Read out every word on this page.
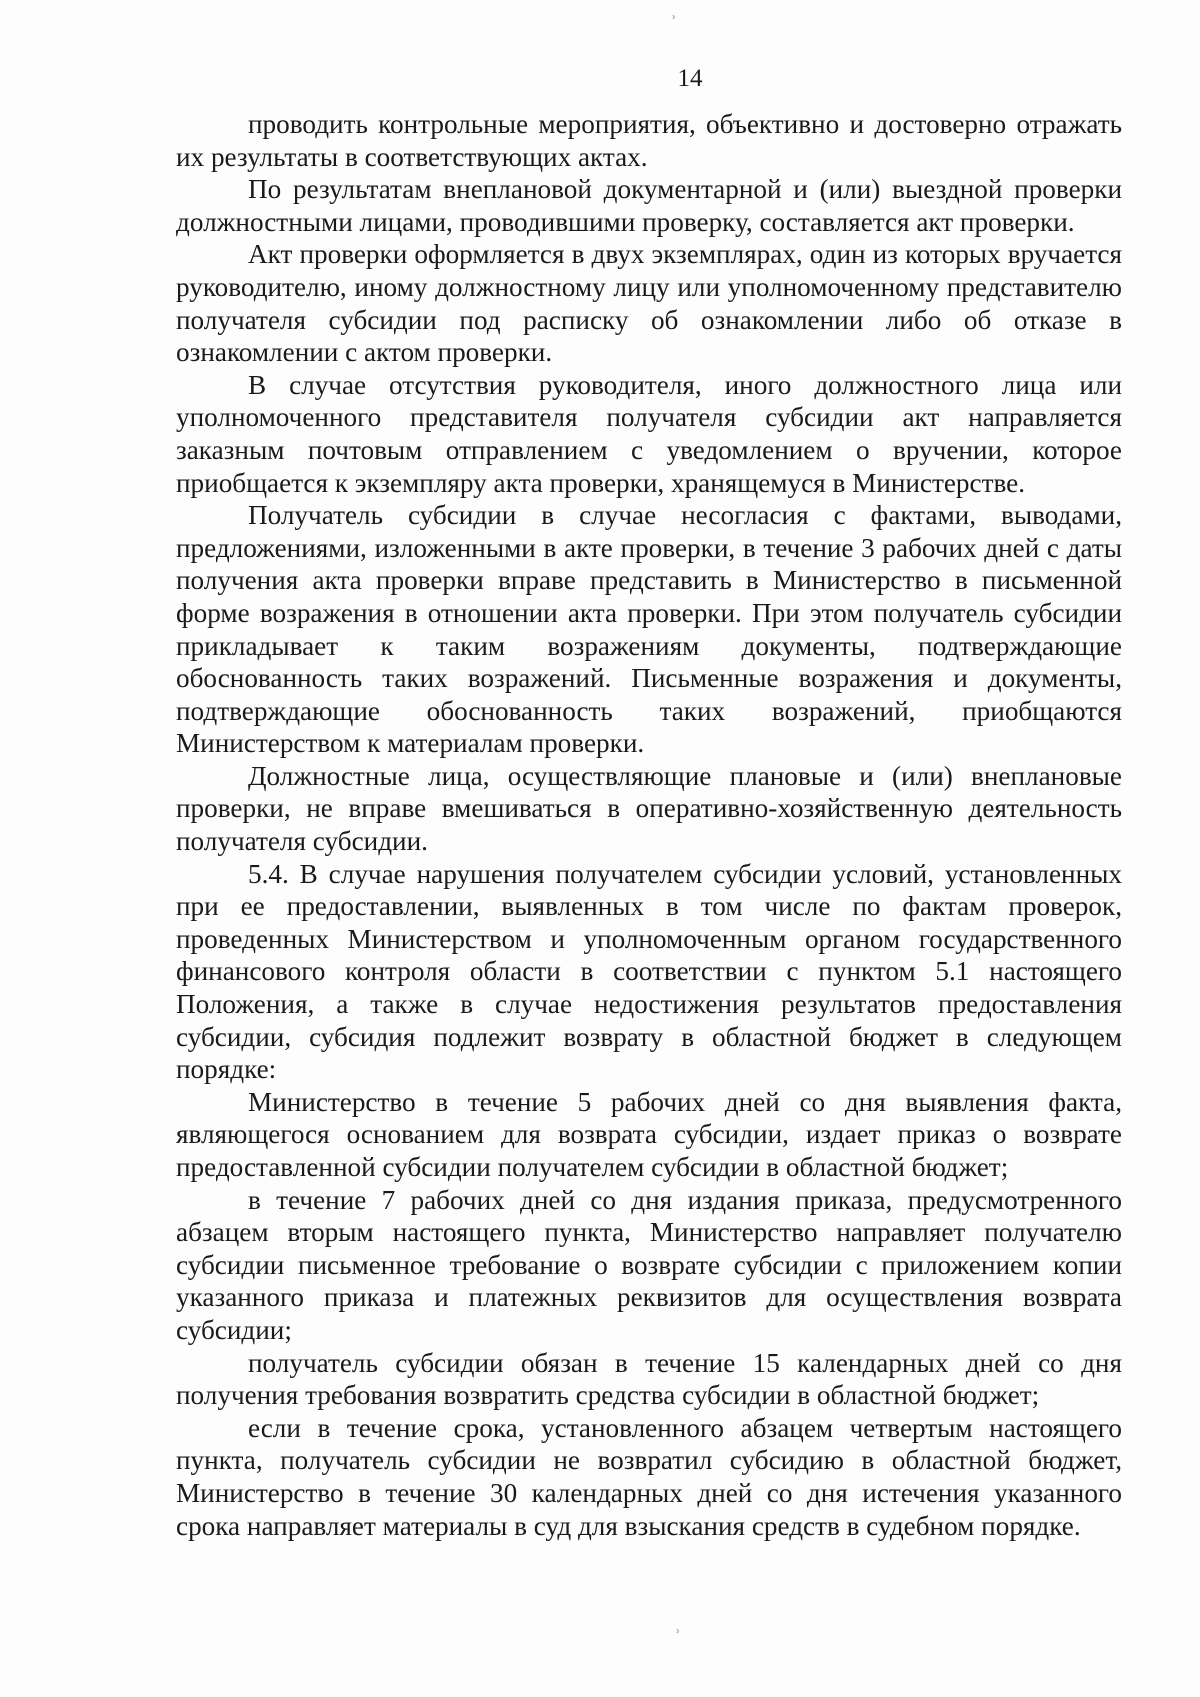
14

проводить контрольные мероприятия, объективно и достоверно отражать их результаты в соответствующих актах.

По результатам внеплановой документарной и (или) выездной проверки должностными лицами, проводившими проверку, составляется акт проверки.

Акт проверки оформляется в двух экземплярах, один из которых вручается руководителю, иному должностному лицу или уполномоченному представителю получателя субсидии под расписку об ознакомлении либо об отказе в ознакомлении с актом проверки.

В случае отсутствия руководителя, иного должностного лица или уполномоченного представителя получателя субсидии акт направляется заказным почтовым отправлением с уведомлением о вручении, которое приобщается к экземпляру акта проверки, хранящемуся в Министерстве.

Получатель субсидии в случае несогласия с фактами, выводами, предложениями, изложенными в акте проверки, в течение 3 рабочих дней с даты получения акта проверки вправе представить в Министерство в письменной форме возражения в отношении акта проверки. При этом получатель субсидии прикладывает к таким возражениям документы, подтверждающие обоснованность таких возражений. Письменные возражения и документы, подтверждающие обоснованность таких возражений, приобщаются Министерством к материалам проверки.

Должностные лица, осуществляющие плановые и (или) внеплановые проверки, не вправе вмешиваться в оперативно-хозяйственную деятельность получателя субсидии.

5.4. В случае нарушения получателем субсидии условий, установленных при ее предоставлении, выявленных в том числе по фактам проверок, проведенных Министерством и уполномоченным органом государственного финансового контроля области в соответствии с пунктом 5.1 настоящего Положения, а также в случае недостижения результатов предоставления субсидии, субсидия подлежит возврату в областной бюджет в следующем порядке:

Министерство в течение 5 рабочих дней со дня выявления факта, являющегося основанием для возврата субсидии, издает приказ о возврате предоставленной субсидии получателем субсидии в областной бюджет;

в течение 7 рабочих дней со дня издания приказа, предусмотренного абзацем вторым настоящего пункта, Министерство направляет получателю субсидии письменное требование о возврате субсидии с приложением копии указанного приказа и платежных реквизитов для осуществления возврата субсидии;

получатель субсидии обязан в течение 15 календарных дней со дня получения требования возвратить средства субсидии в областной бюджет;

если в течение срока, установленного абзацем четвертым настоящего пункта, получатель субсидии не возвратил субсидию в областной бюджет, Министерство в течение 30 календарных дней со дня истечения указанного срока направляет материалы в суд для взыскания средств в судебном порядке.

ʾ
ʾ
